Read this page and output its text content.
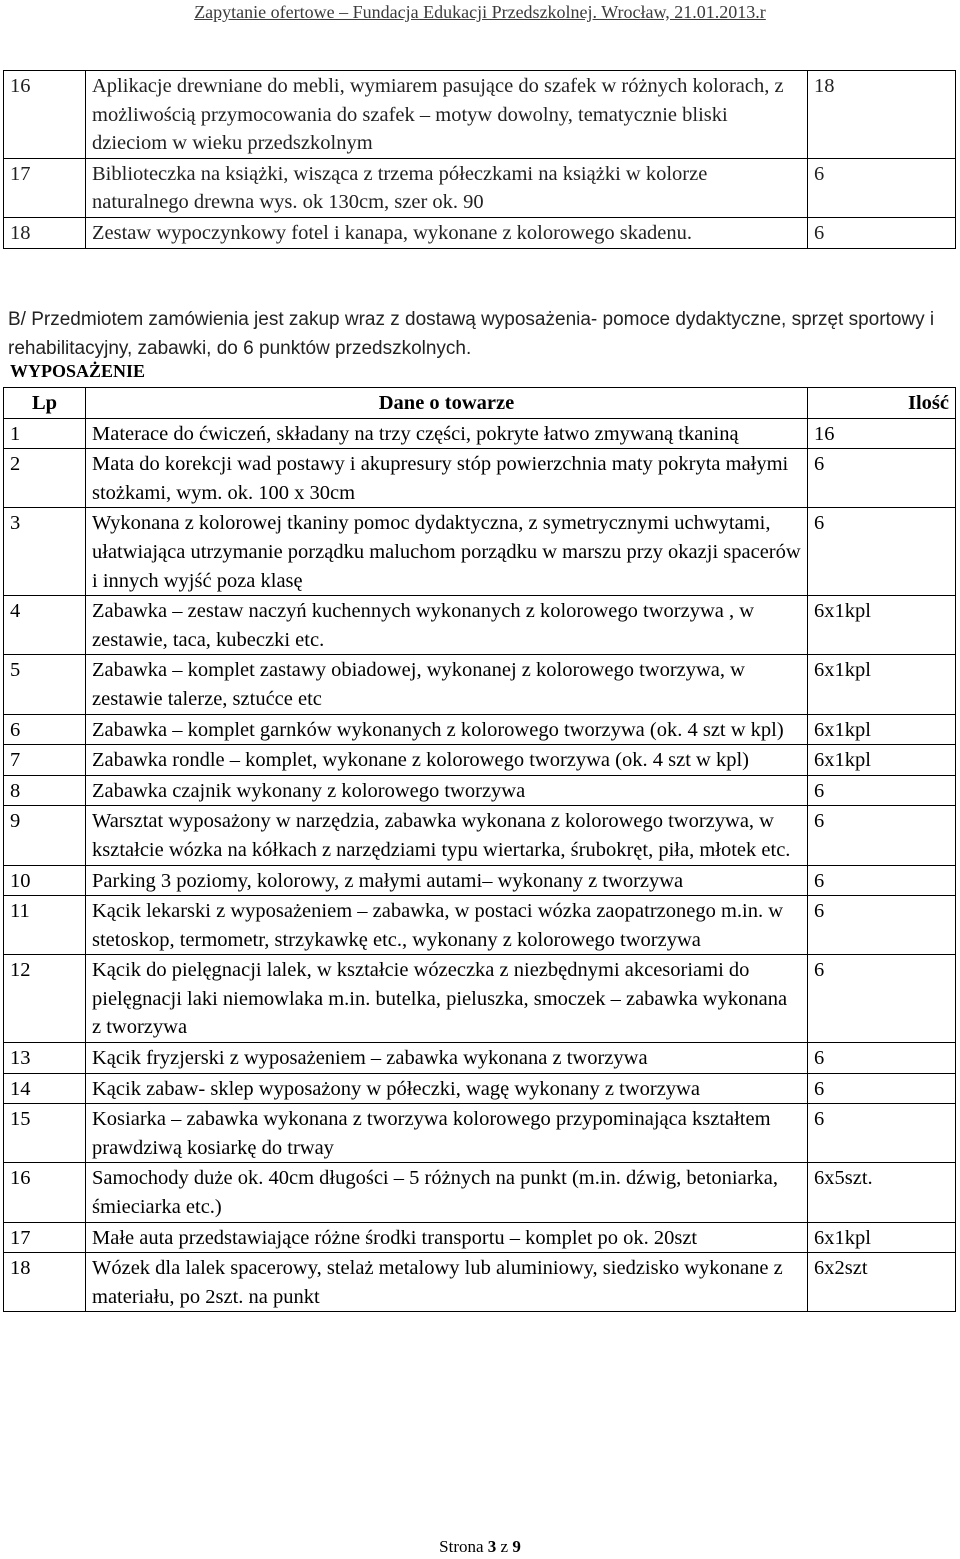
Zapytanie ofertowe – Fundacja Edukacji Przedszkolnej. Wrocław, 21.01.2013.r
16	Aplikacje drewniane do mebli, wymiarem pasujące do szafek w różnych kolorach, z możliwością przymocowania do szafek – motyw dowolny, tematycznie bliski dzieciom w wieku przedszkolnym	18
17	Biblioteczka na książki, wisząca z trzema półeczkami na książki w kolorze naturalnego drewna wys. ok 130cm, szer ok. 90	6
18	Zestaw wypoczynkowy fotel i kanapa, wykonane z kolorowego skadenu.	6
B/ Przedmiotem zamówienia jest zakup wraz z dostawą wyposażenia- pomoce dydaktyczne, sprzęt sportowy i rehabilitacyjny, zabawki, do 6 punktów przedszkolnych.
WYPOSAŻENIE
Lp	Dane o towarze	Ilość
1	Materace do ćwiczeń, składany na trzy części, pokryte łatwo zmywaną tkaniną	16
2	Mata do korekcji wad postawy i akupresury stóp powierzchnia maty pokryta małymi stożkami, wym. ok. 100 x 30cm	6
3	Wykonana z kolorowej tkaniny pomoc dydaktyczna, z symetrycznymi uchwytami, ułatwiająca utrzymanie porządku maluchom porządku w marszu przy okazji spacerów i innych wyjść poza klasę	6
4	Zabawka – zestaw naczyń kuchennych wykonanych z kolorowego tworzywa , w zestawie, taca, kubeczki etc.	6x1kpl
5	Zabawka – komplet zastawy obiadowej, wykonanej z kolorowego tworzywa, w zestawie talerze, sztućce etc	6x1kpl
6	Zabawka – komplet garnków wykonanych z kolorowego tworzywa (ok. 4 szt w kpl)	6x1kpl
7	Zabawka rondle – komplet, wykonane z kolorowego tworzywa (ok. 4 szt w kpl)	6x1kpl
8	Zabawka czajnik wykonany z kolorowego tworzywa	6
9	Warsztat wyposażony w narzędzia, zabawka wykonana z kolorowego tworzywa, w kształcie wózka na kółkach z narzędziami typu wiertarka, śrubokręt, piła, młotek etc.	6
10	Parking 3 poziomy, kolorowy, z małymi autami– wykonany z tworzywa	6
11	Kącik lekarski z wyposażeniem – zabawka, w postaci wózka zaopatrzonego m.in. w stetoskop, termometr, strzykawkę etc., wykonany z kolorowego tworzywa	6
12	Kącik do pielęgnacji lalek, w kształcie wózeczka z niezbędnymi akcesoriami do pielęgnacji laki niemowlaka m.in. butelka, pieluszka, smoczek – zabawka wykonana z tworzywa	6
13	Kącik fryzjerski z wyposażeniem – zabawka wykonana z tworzywa	6
14	Kącik zabaw- sklep wyposażony w półeczki, wagę wykonany z tworzywa	6
15	Kosiarka – zabawka wykonana z tworzywa kolorowego przypominająca kształtem prawdziwą kosiarkę do trway	6
16	Samochody duże ok. 40cm długości – 5 różnych na punkt (m.in. dźwig, betoniarka, śmieciarka etc.)	6x5szt.
17	Małe auta przedstawiające różne środki transportu – komplet po ok. 20szt	6x1kpl
18	Wózek dla lalek spacerowy, stelaż metalowy lub aluminiowy, siedzisko wykonane z materiału, po 2szt. na punkt	6x2szt
Strona 3 z 9
